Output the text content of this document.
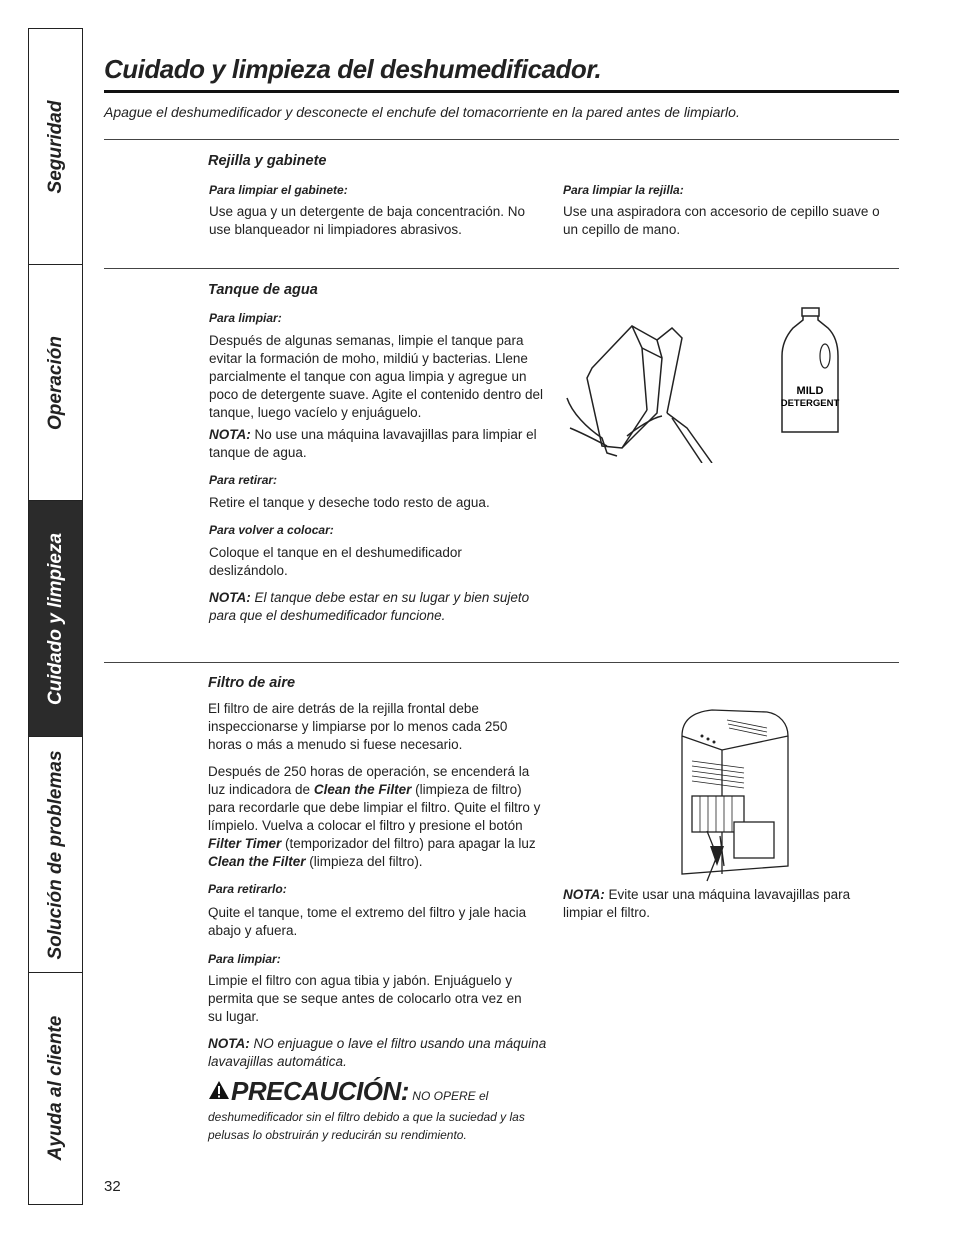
Seguridad
Operación
Cuidado y limpieza
Solución de problemas
Ayuda al cliente
Cuidado y limpieza del deshumedificador.
Apague el deshumedificador y desconecte el enchufe del tomacorriente en la pared antes de limpiarlo.
Rejilla y gabinete
Para limpiar el gabinete:
Use agua y un detergente de baja concentración. No use blanqueador ni limpiadores abrasivos.
Para limpiar la rejilla:
Use una aspiradora con accesorio de cepillo suave o un cepillo de mano.
Tanque de agua
Para limpiar:
Después de algunas semanas, limpie el tanque para evitar la formación de moho, mildiú y bacterias. Llene parcialmente el tanque con agua limpia y agregue un poco de detergente suave. Agite el contenido dentro del tanque, luego vacíelo y enjuáguelo.
NOTA: No use una máquina lavavajillas para limpiar el tanque de agua.
Para retirar:
Retire el tanque y deseche todo resto de agua.
Para volver a colocar:
Coloque el tanque en el deshumedificador deslizándolo.
NOTA: El tanque debe estar en su lugar y bien sujeto para que el deshumedificador funcione.
MILD
DETERGENT
Filtro de aire
El filtro de aire detrás de la rejilla frontal debe inspeccionarse y limpiarse por lo menos cada 250 horas o más a menudo si fuese necesario.
Después de 250 horas de operación, se encenderá la luz indicadora de Clean the Filter (limpieza de filtro) para recordarle que debe limpiar el filtro. Quite el filtro y límpielo. Vuelva a colocar el filtro y presione el botón Filter Timer (temporizador del filtro) para apagar la luz Clean the Filter (limpieza del filtro).
Para retirarlo:
Quite el tanque, tome el extremo del filtro y jale hacia abajo y afuera.
Para limpiar:
Limpie el filtro con agua tibia y jabón. Enjuáguelo y permita que se seque antes de colocarlo otra vez en su lugar.
NOTA: NO enjuague o lave el filtro usando una máquina lavavajillas automática.
NOTA: Evite usar una máquina lavavajillas para limpiar el filtro.
PRECAUCIÓN: NO OPERE el
deshumedificador sin el filtro debido a que la suciedad y las pelusas lo obstruirán y reducirán su rendimiento.
32
